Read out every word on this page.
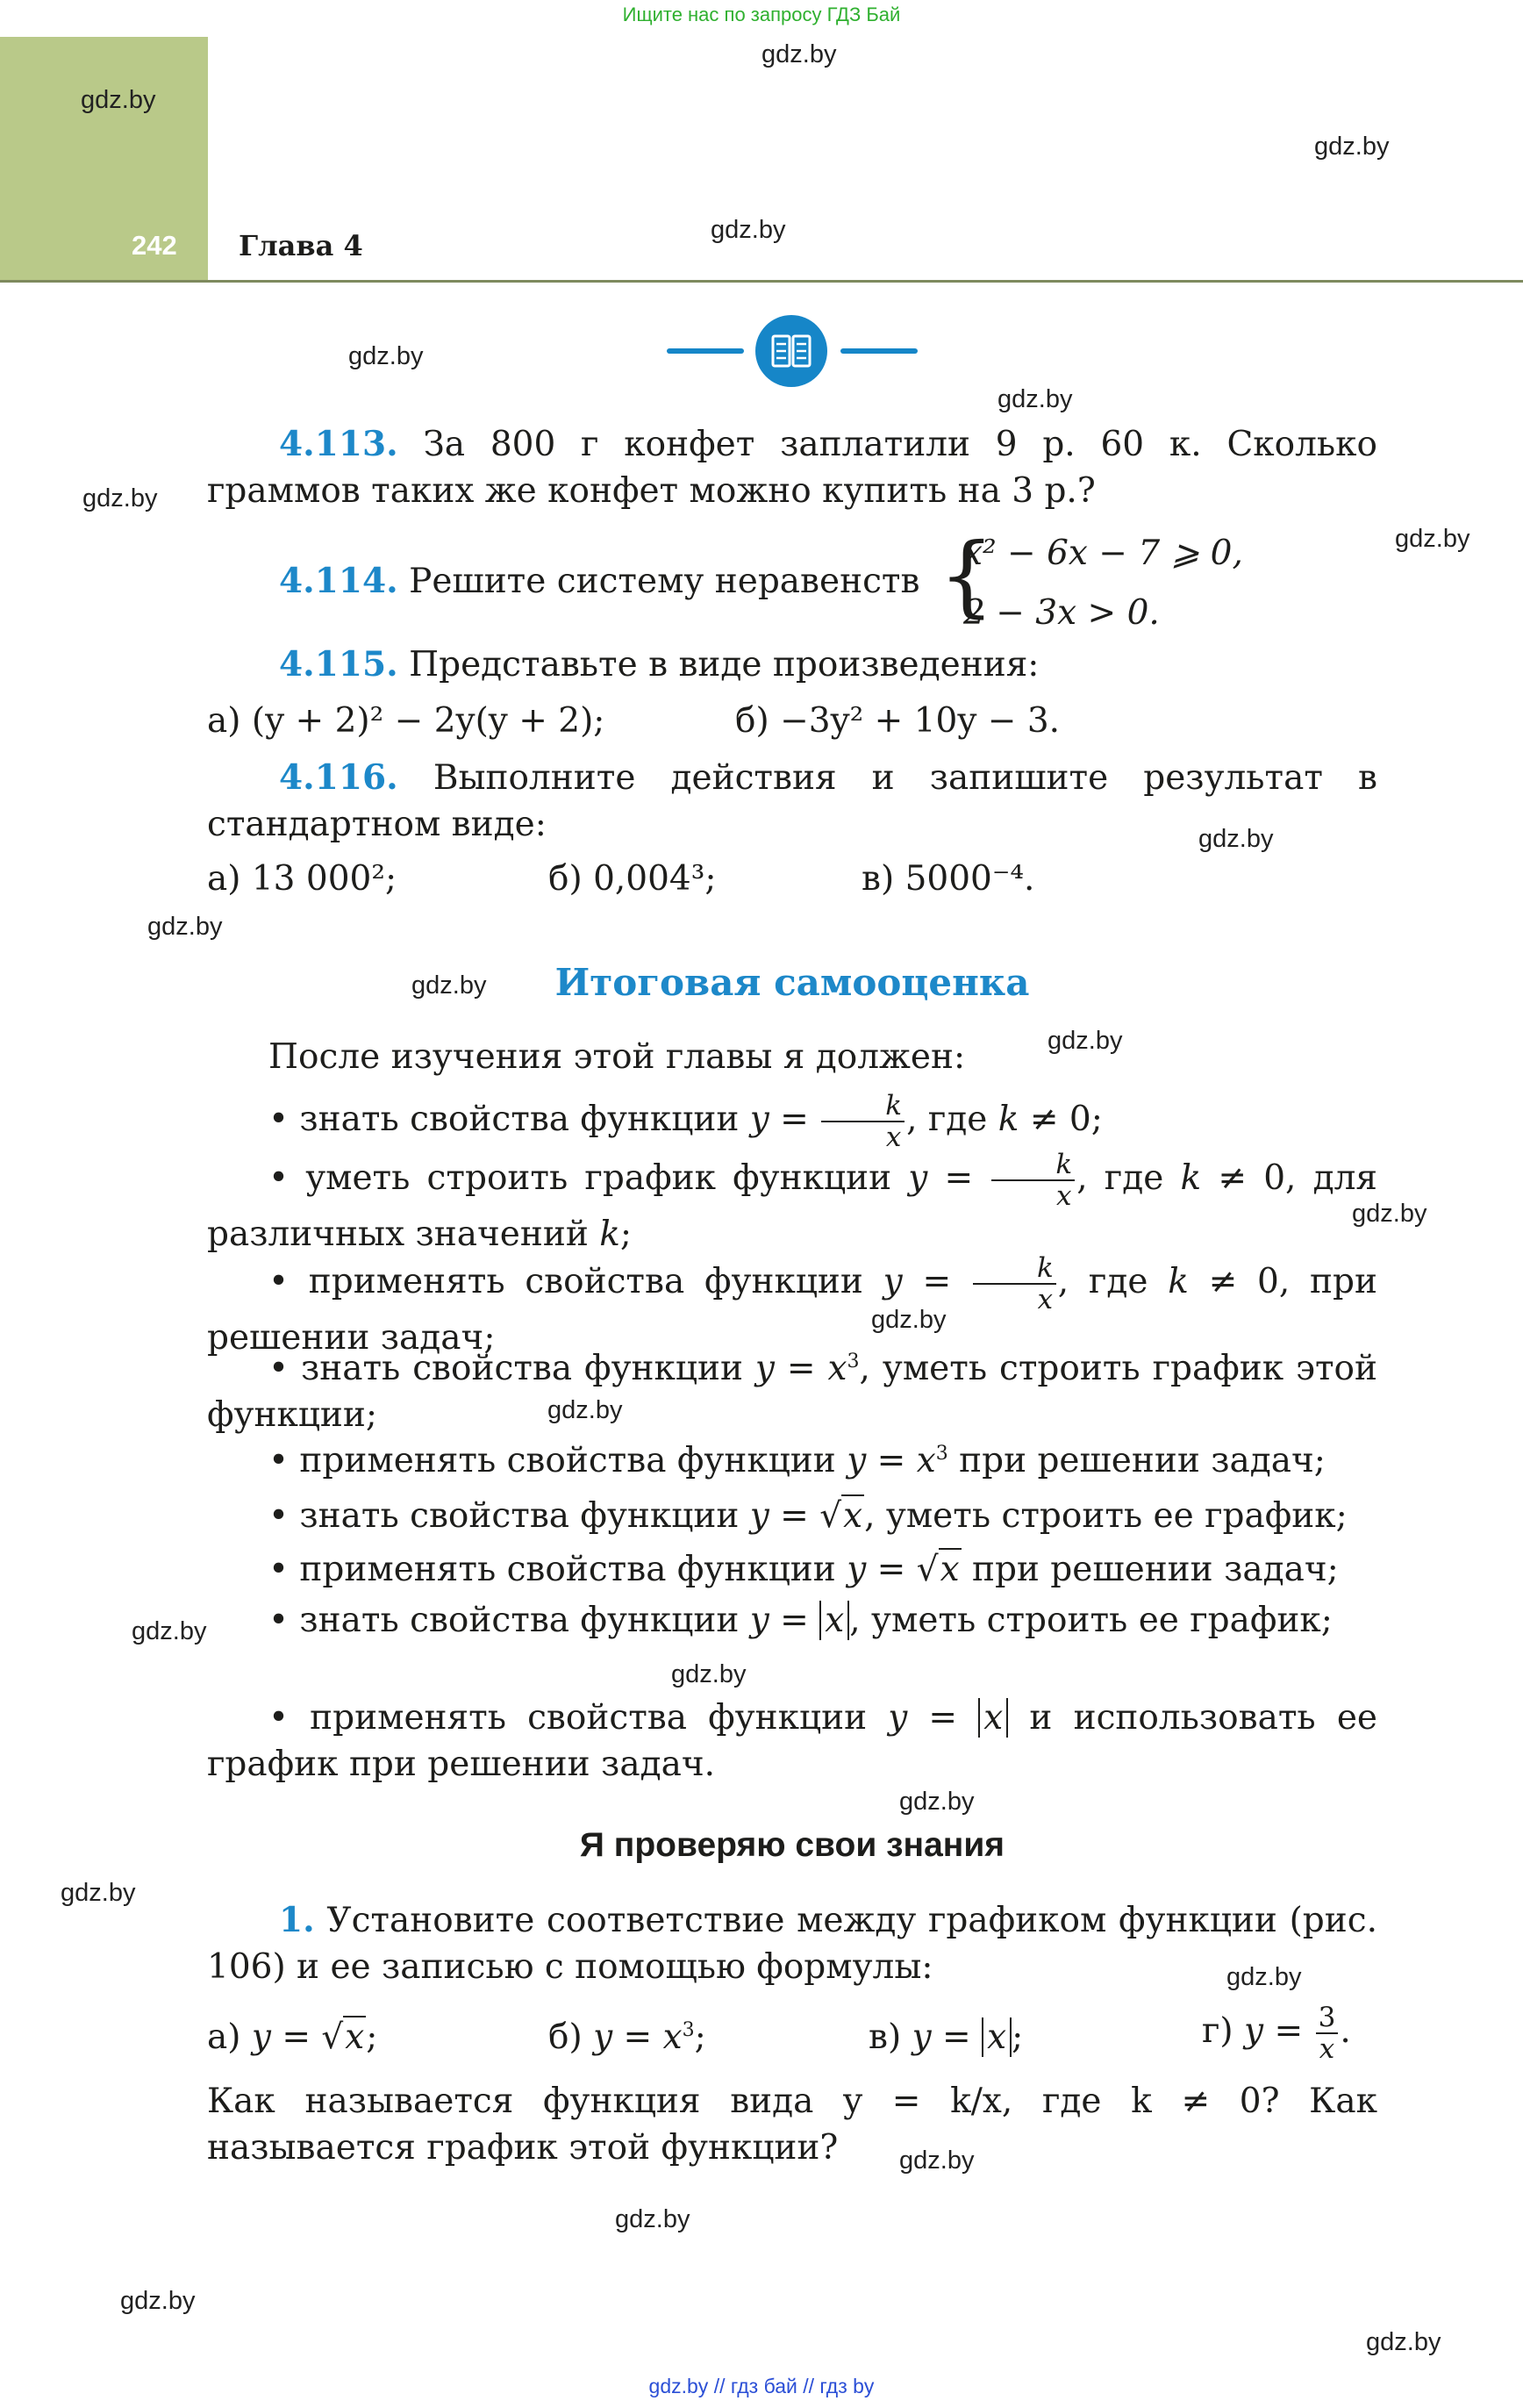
Ищите нас по запросу ГДЗ Бай
242 Глава 4
gdz.by
gdz.by
gdz.by
gdz.by
gdz.by
gdz.by
gdz.by
gdz.by
gdz.by
gdz.by
gdz.by
gdz.by
gdz.by
gdz.by
gdz.by
gdz.by
gdz.by
gdz.by
gdz.by
gdz.by
gdz.by
gdz.by
gdz.by
gdz.by
4.113. За 800 г конфет заплатили 9 р. 60 к. Сколько граммов таких же конфет можно купить на 3 р.?
4.114. Решите систему неравенств {
x² − 6x − 7 ⩾ 0,
2 − 3x > 0.
4.115. Представьте в виде произведения:
а) (y + 2)² − 2y(y + 2);	б) −3y² + 10y − 3.
4.116. Выполните действия и запишите результат в стандартном виде:
а) 13 000²;	б) 0,004³;	в) 5000⁻⁴.
Итоговая самооценка
После изучения этой главы я должен:
• знать свойства функции $y = \frac{k}{x}$ , где k ≠ 0;
• уметь строить график функции $y = \frac{k}{x}$ , где k ≠ 0, для различных значений k;
• применять свойства функции $y = \frac{k}{x}$ , где k ≠ 0, при решении задач;
• знать свойства функции $y = x^3$, уметь строить график этой функции;
• применять свойства функции $y = x^3$ при решении задач;
• знать свойства функции y = √x, уметь строить ее график;
• применять свойства функции y = √x при решении задач;
• знать свойства функции y = x , уметь строить ее график;
• применять свойства функции y = x и использовать ее график при решении задач.
Я проверяю свои знания
1. Установите соответствие между графиком функции (рис. 106) и ее записью с помощью формулы:
а) y = √x;	б) $y = x^3$;	в) y = x ;	г) $y = \frac{3}{x}$ .
Как называется функция вида y = k/x, где k ≠ 0? Как называется график этой функции?
gdz.by // гдз бай // гдз by
